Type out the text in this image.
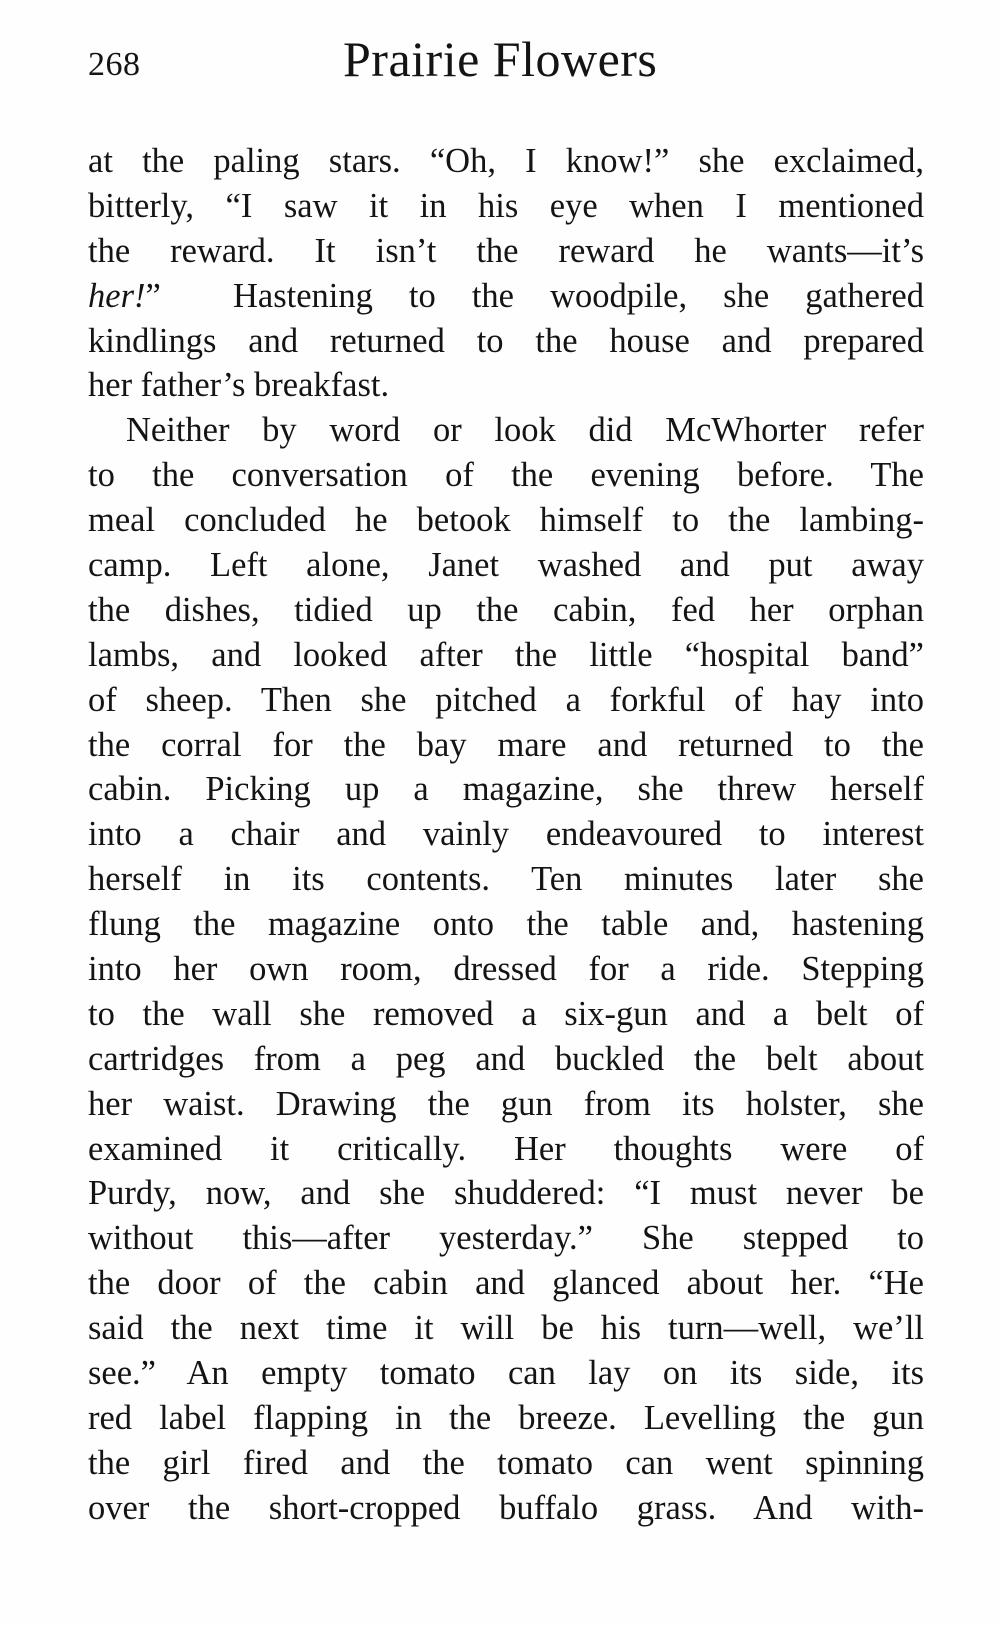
268	Prairie Flowers
at the paling stars. “Oh, I know!” she exclaimed,
bitterly, “I saw it in his eye when I mentioned
the reward. It isn’t the reward he wants—it’s
her!” Hastening to the woodpile, she gathered
kindlings and returned to the house and prepared
her father’s breakfast.
Neither by word or look did McWhorter refer
to the conversation of the evening before. The
meal concluded he betook himself to the lambing-
camp. Left alone, Janet washed and put away
the dishes, tidied up the cabin, fed her orphan
lambs, and looked after the little “hospital band”
of sheep. Then she pitched a forkful of hay into
the corral for the bay mare and returned to the
cabin. Picking up a magazine, she threw herself
into a chair and vainly endeavoured to interest
herself in its contents. Ten minutes later she
flung the magazine onto the table and, hastening
into her own room, dressed for a ride. Stepping
to the wall she removed a six-gun and a belt of
cartridges from a peg and buckled the belt about
her waist. Drawing the gun from its holster, she
examined it critically. Her thoughts were of
Purdy, now, and she shuddered: “I must never be
without this—after yesterday.” She stepped to
the door of the cabin and glanced about her. “He
said the next time it will be his turn—well, we’ll
see.” An empty tomato can lay on its side, its
red label flapping in the breeze. Levelling the gun
the girl fired and the tomato can went spinning
over the short-cropped buffalo grass. And with-
